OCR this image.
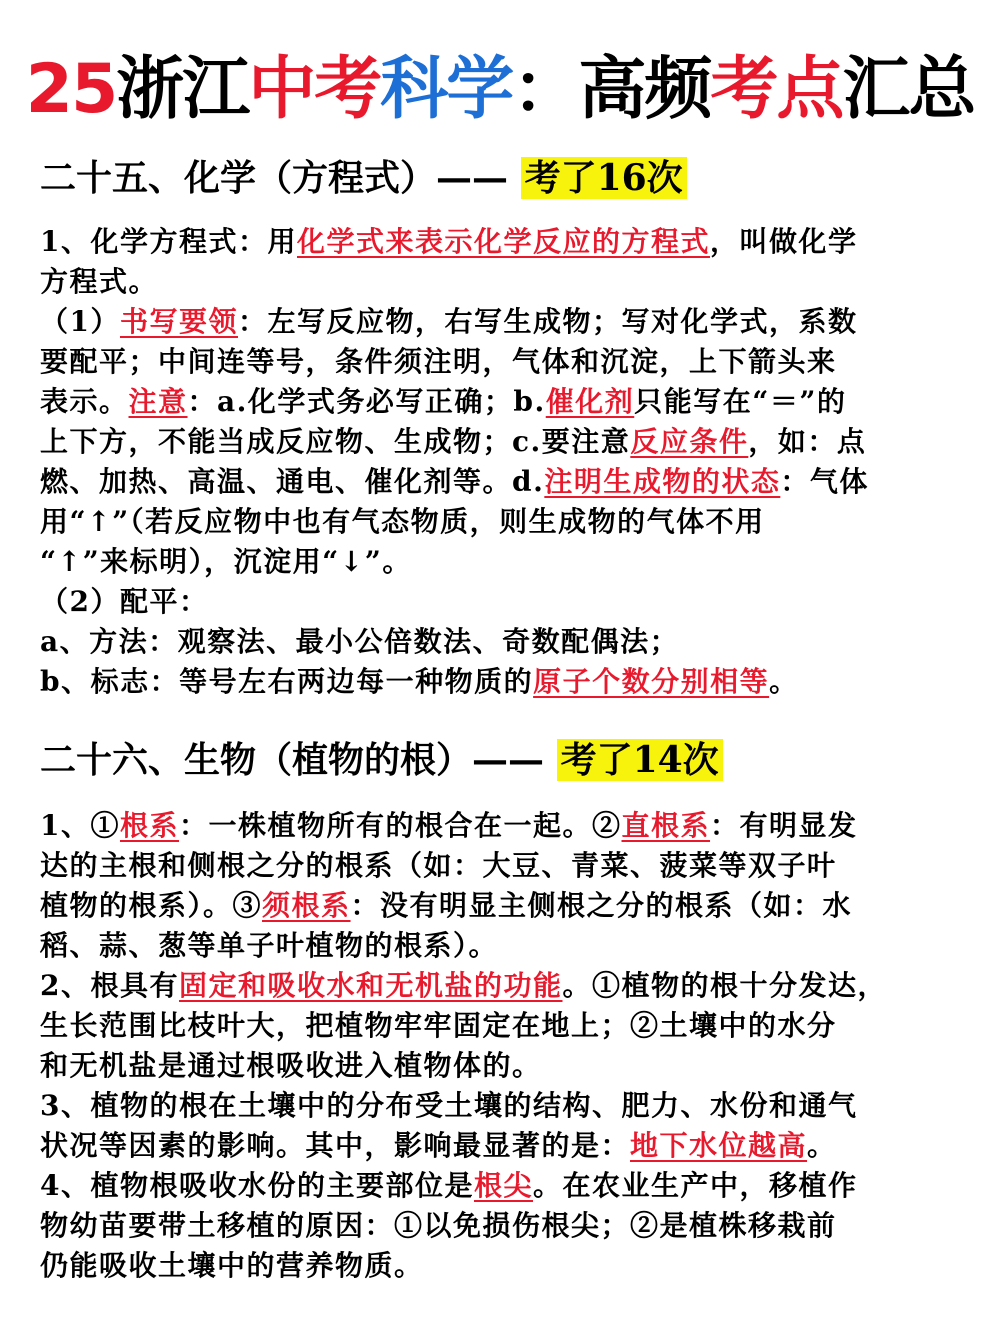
25浙江中考科学：高频考点汇总
二十五、化学（方程式）—— 考了16次
1、化学方程式：用化学式来表示化学反应的方程式，叫做化学
方程式。
（1）书写要领：左写反应物，右写生成物；写对化学式，系数
要配平；中间连等号，条件须注明，气体和沉淀，上下箭头来
表示。注意：a.化学式务必写正确；b.催化剂只能写在“＝”的
上下方，不能当成反应物、生成物；c.要注意反应条件，如：点
燃、加热、高温、通电、催化剂等。d.注明生成物的状态：气体
用“↑”（若反应物中也有气态物质，则生成物的气体不用
“↑”来标明），沉淀用“↓”。
（2）配平：
a、方法：观察法、最小公倍数法、奇数配偶法；
b、标志：等号左右两边每一种物质的原子个数分别相等。
二十六、生物（植物的根）—— 考了14次
1、①根系：一株植物所有的根合在一起。②直根系：有明显发
达的主根和侧根之分的根系（如：大豆、青菜、菠菜等双子叶
植物的根系）。③须根系：没有明显主侧根之分的根系（如：水
稻、蒜、葱等单子叶植物的根系）。
2、根具有固定和吸收水和无机盐的功能。①植物的根十分发达，
生长范围比枝叶大，把植物牢牢固定在地上；②土壤中的水分
和无机盐是通过根吸收进入植物体的。
3、植物的根在土壤中的分布受土壤的结构、肥力、水份和通气
状况等因素的影响。其中，影响最显著的是：地下水位越高。
4、植物根吸收水份的主要部位是根尖。在农业生产中，移植作
物幼苗要带土移植的原因：①以免损伤根尖；②是植株移栽前
仍能吸收土壤中的营养物质。
